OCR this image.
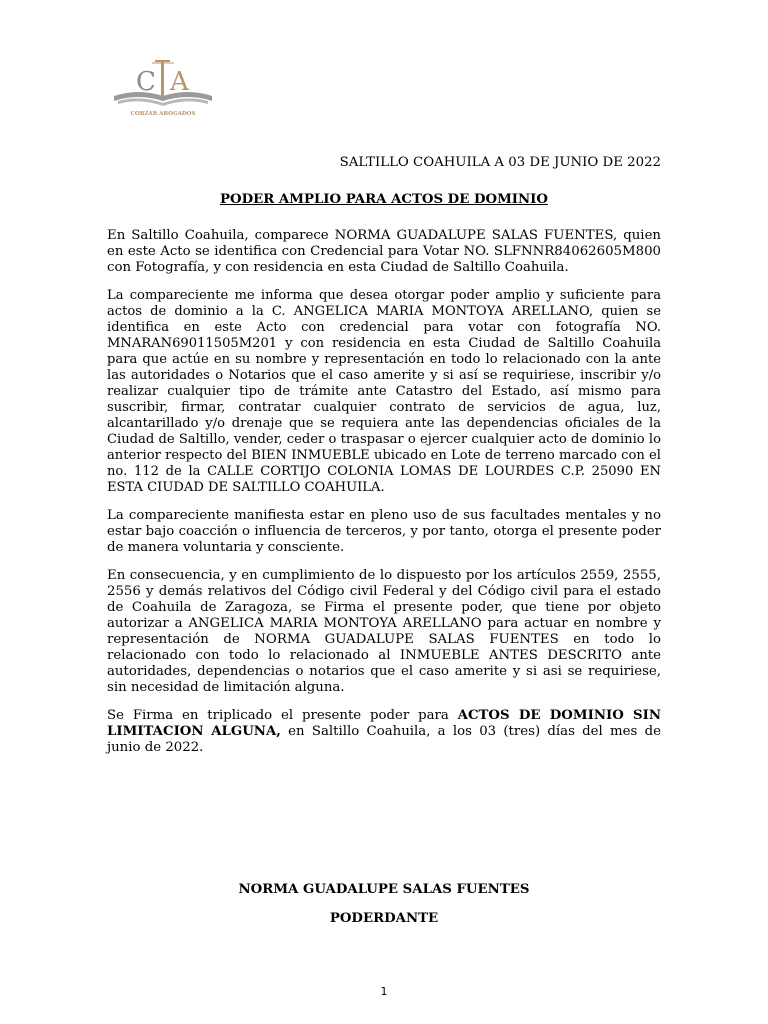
C A
COBZAR ABOGADOS
SALTILLO COAHUILA A 03 DE JUNIO DE 2022
PODER AMPLIO PARA ACTOS DE DOMINIO

En Saltillo Coahuila, comparece NORMA GUADALUPE SALAS FUENTES, quien en este Acto se identifica con Credencial para Votar NO. SLFNNR84062605M800 con Fotografía, y con residencia en esta Ciudad de Saltillo Coahuila.

La compareciente me informa que desea otorgar poder amplio y suficiente para actos de dominio a la C. ANGELICA MARIA MONTOYA ARELLANO, quien se identifica en este Acto con credencial para votar con fotografía NO. MNARAN69011505M201 y con residencia en esta Ciudad de Saltillo Coahuila para que actúe en su nombre y representación en todo lo relacionado con la ante las autoridades o Notarios que el caso amerite y si así se requiriese, inscribir y/o realizar cualquier tipo de trámite ante Catastro del Estado, así mismo para suscribir, firmar, contratar cualquier contrato de servicios de agua, luz, alcantarillado y/o drenaje que se requiera ante las dependencias oficiales de la Ciudad de Saltillo, vender, ceder o traspasar o ejercer cualquier acto de dominio lo anterior respecto del BIEN INMUEBLE ubicado en Lote de terreno marcado con el no. 112 de la CALLE CORTIJO COLONIA LOMAS DE LOURDES C.P. 25090 EN ESTA CIUDAD DE SALTILLO COAHUILA.

La compareciente manifiesta estar en pleno uso de sus facultades mentales y no estar bajo coacción o influencia de terceros, y por tanto, otorga el presente poder de manera voluntaria y consciente.

En consecuencia, y en cumplimiento de lo dispuesto por los artículos 2559, 2555, 2556 y demás relativos del Código civil Federal y del Código civil para el estado de Coahuila de Zaragoza, se Firma el presente poder, que tiene por objeto autorizar a ANGELICA MARIA MONTOYA ARELLANO para actuar en nombre y representación de NORMA GUADALUPE SALAS FUENTES en todo lo relacionado con todo lo relacionado al INMUEBLE ANTES DESCRITO ante autoridades, dependencias o notarios que el caso amerite y si asi se requiriese, sin necesidad de limitación alguna.

Se Firma en triplicado el presente poder para ACTOS DE DOMINIO SIN LIMITACION ALGUNA, en Saltillo Coahuila, a los 03 (tres) días del mes de junio de 2022.

NORMA GUADALUPE SALAS FUENTES
PODERDANTE
1
